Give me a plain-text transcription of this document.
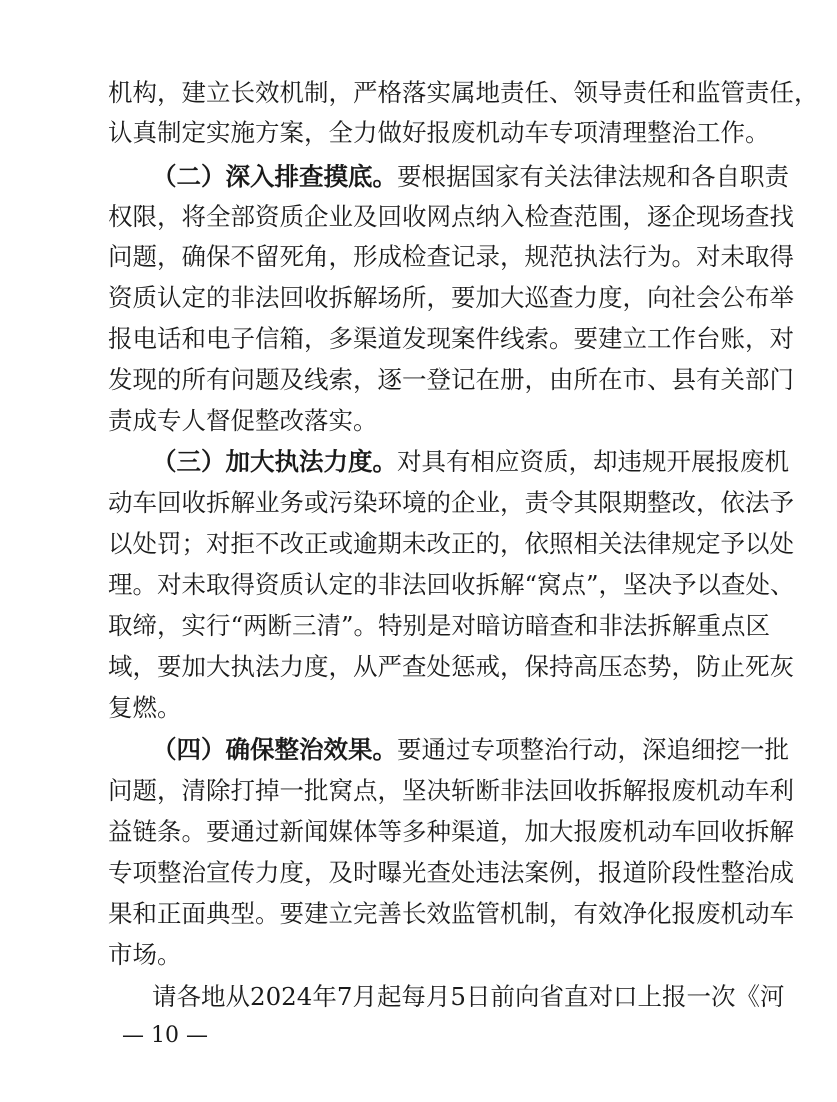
机构，建立长效机制，严格落实属地责任、领导责任和监管责任，
认真制定实施方案，全力做好报废机动车专项清理整治工作。
（二）深入排查摸底。要根据国家有关法律法规和各自职责
权限，将全部资质企业及回收网点纳入检查范围，逐企现场查找
问题，确保不留死角，形成检查记录，规范执法行为。对未取得
资质认定的非法回收拆解场所，要加大巡查力度，向社会公布举
报电话和电子信箱，多渠道发现案件线索。要建立工作台账，对
发现的所有问题及线索，逐一登记在册，由所在市、县有关部门
责成专人督促整改落实。
（三）加大执法力度。对具有相应资质，却违规开展报废机
动车回收拆解业务或污染环境的企业，责令其限期整改，依法予
以处罚；对拒不改正或逾期未改正的，依照相关法律规定予以处
理。对未取得资质认定的非法回收拆解“窝点”，坚决予以查处、
取缔，实行“两断三清”。特别是对暗访暗查和非法拆解重点区
域，要加大执法力度，从严查处惩戒，保持高压态势，防止死灰
复燃。
（四）确保整治效果。要通过专项整治行动，深追细挖一批
问题，清除打掉一批窝点，坚决斩断非法回收拆解报废机动车利
益链条。要通过新闻媒体等多种渠道，加大报废机动车回收拆解
专项整治宣传力度，及时曝光查处违法案例，报道阶段性整治成
果和正面典型。要建立完善长效监管机制，有效净化报废机动车
市场。
请各地从2024年7月起每月5日前向省直对口上报一次《河
— 10 —
